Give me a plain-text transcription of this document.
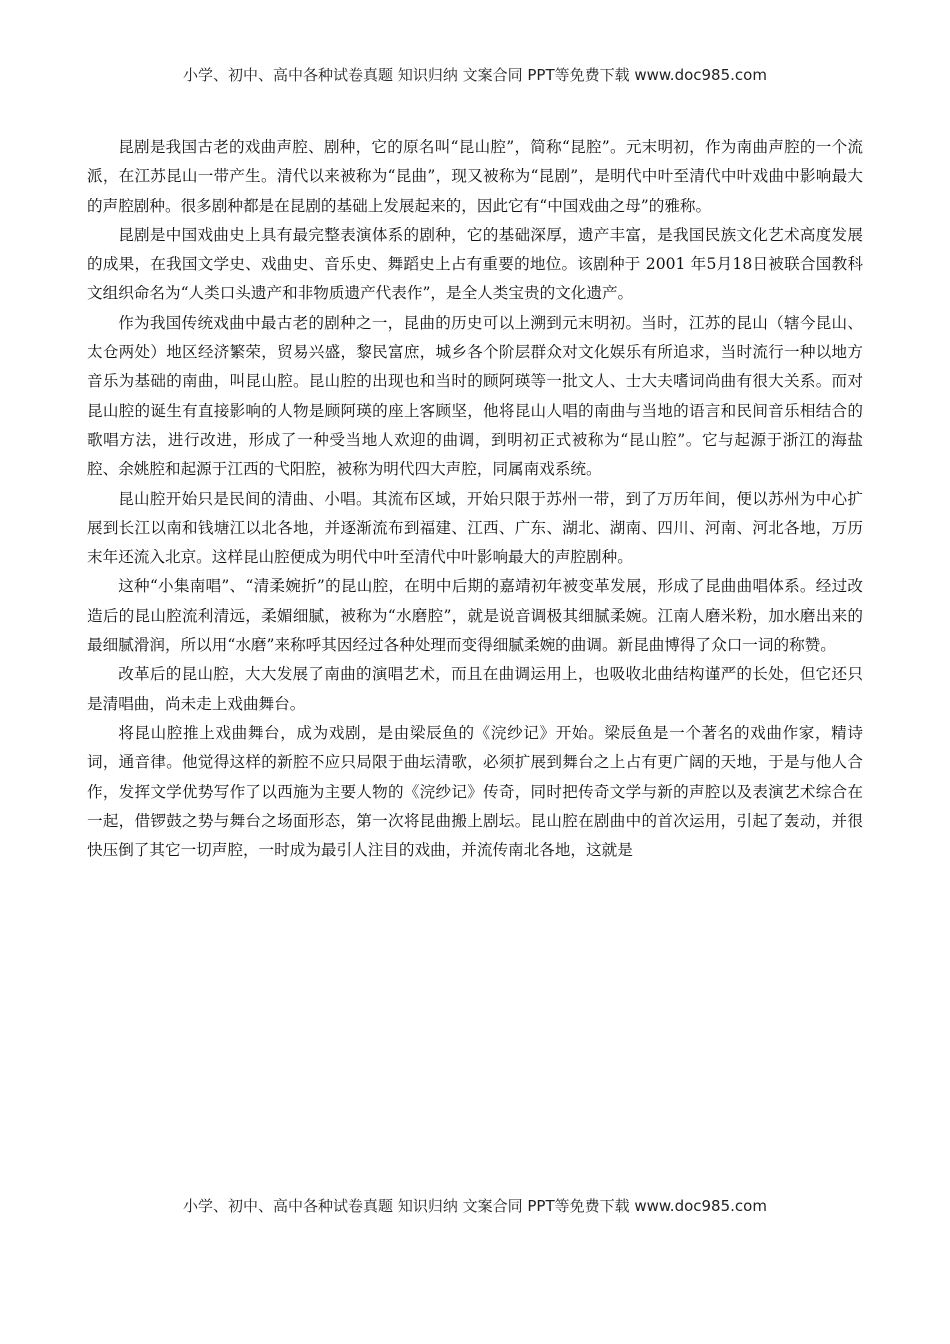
小学、初中、高中各种试卷真题 知识归纳 文案合同 PPT等免费下载 www.doc985.com

昆剧是我国古老的戏曲声腔、剧种，它的原名叫“昆山腔”，简称“昆腔”。元末明初，作为南曲声腔的一个流派，在江苏昆山一带产生。清代以来被称为“昆曲”，现又被称为“昆剧”，是明代中叶至清代中叶戏曲中影响最大的声腔剧种。很多剧种都是在昆剧的基础上发展起来的，因此它有“中国戏曲之母”的雅称。

昆剧是中国戏曲史上具有最完整表演体系的剧种，它的基础深厚，遗产丰富，是我国民族文化艺术高度发展的成果，在我国文学史、戏曲史、音乐史、舞蹈史上占有重要的地位。该剧种于 2001 年5月18日被联合国教科文组织命名为“人类口头遗产和非物质遗产代表作”，是全人类宝贵的文化遗产。

作为我国传统戏曲中最古老的剧种之一，昆曲的历史可以上溯到元末明初。当时，江苏的昆山（辖今昆山、太仓两处）地区经济繁荣，贸易兴盛，黎民富庶，城乡各个阶层群众对文化娱乐有所追求，当时流行一种以地方音乐为基础的南曲，叫昆山腔。昆山腔的出现也和当时的顾阿瑛等一批文人、士大夫嗜词尚曲有很大关系。而对昆山腔的诞生有直接影响的人物是顾阿瑛的座上客顾坚，他将昆山人唱的南曲与当地的语言和民间音乐相结合的歌唱方法，进行改进，形成了一种受当地人欢迎的曲调，到明初正式被称为“昆山腔”。它与起源于浙江的海盐腔、余姚腔和起源于江西的弋阳腔，被称为明代四大声腔，同属南戏系统。

昆山腔开始只是民间的清曲、小唱。其流布区域，开始只限于苏州一带，到了万历年间，便以苏州为中心扩展到长江以南和钱塘江以北各地，并逐渐流布到福建、江西、广东、湖北、湖南、四川、河南、河北各地，万历末年还流入北京。这样昆山腔便成为明代中叶至清代中叶影响最大的声腔剧种。

这种“小集南唱”、“清柔婉折”的昆山腔，在明中后期的嘉靖初年被变革发展，形成了昆曲曲唱体系。经过改造后的昆山腔流利清远，柔媚细腻，被称为“水磨腔”，就是说音调极其细腻柔婉。江南人磨米粉，加水磨出来的最细腻滑润，所以用“水磨”来称呼其因经过各种处理而变得细腻柔婉的曲调。新昆曲博得了众口一词的称赞。

改革后的昆山腔，大大发展了南曲的演唱艺术，而且在曲调运用上，也吸收北曲结构谨严的长处，但它还只是清唱曲，尚未走上戏曲舞台。

将昆山腔推上戏曲舞台，成为戏剧，是由梁辰鱼的《浣纱记》开始。梁辰鱼是一个著名的戏曲作家，精诗词，通音律。他觉得这样的新腔不应只局限于曲坛清歌，必须扩展到舞台之上占有更广阔的天地，于是与他人合作，发挥文学优势写作了以西施为主要人物的《浣纱记》传奇，同时把传奇文学与新的声腔以及表演艺术综合在一起，借锣鼓之势与舞台之场面形态，第一次将昆曲搬上剧坛。昆山腔在剧曲中的首次运用，引起了轰动，并很快压倒了其它一切声腔，一时成为最引人注目的戏曲，并流传南北各地，这就是

小学、初中、高中各种试卷真题 知识归纳 文案合同 PPT等免费下载 www.doc985.com
